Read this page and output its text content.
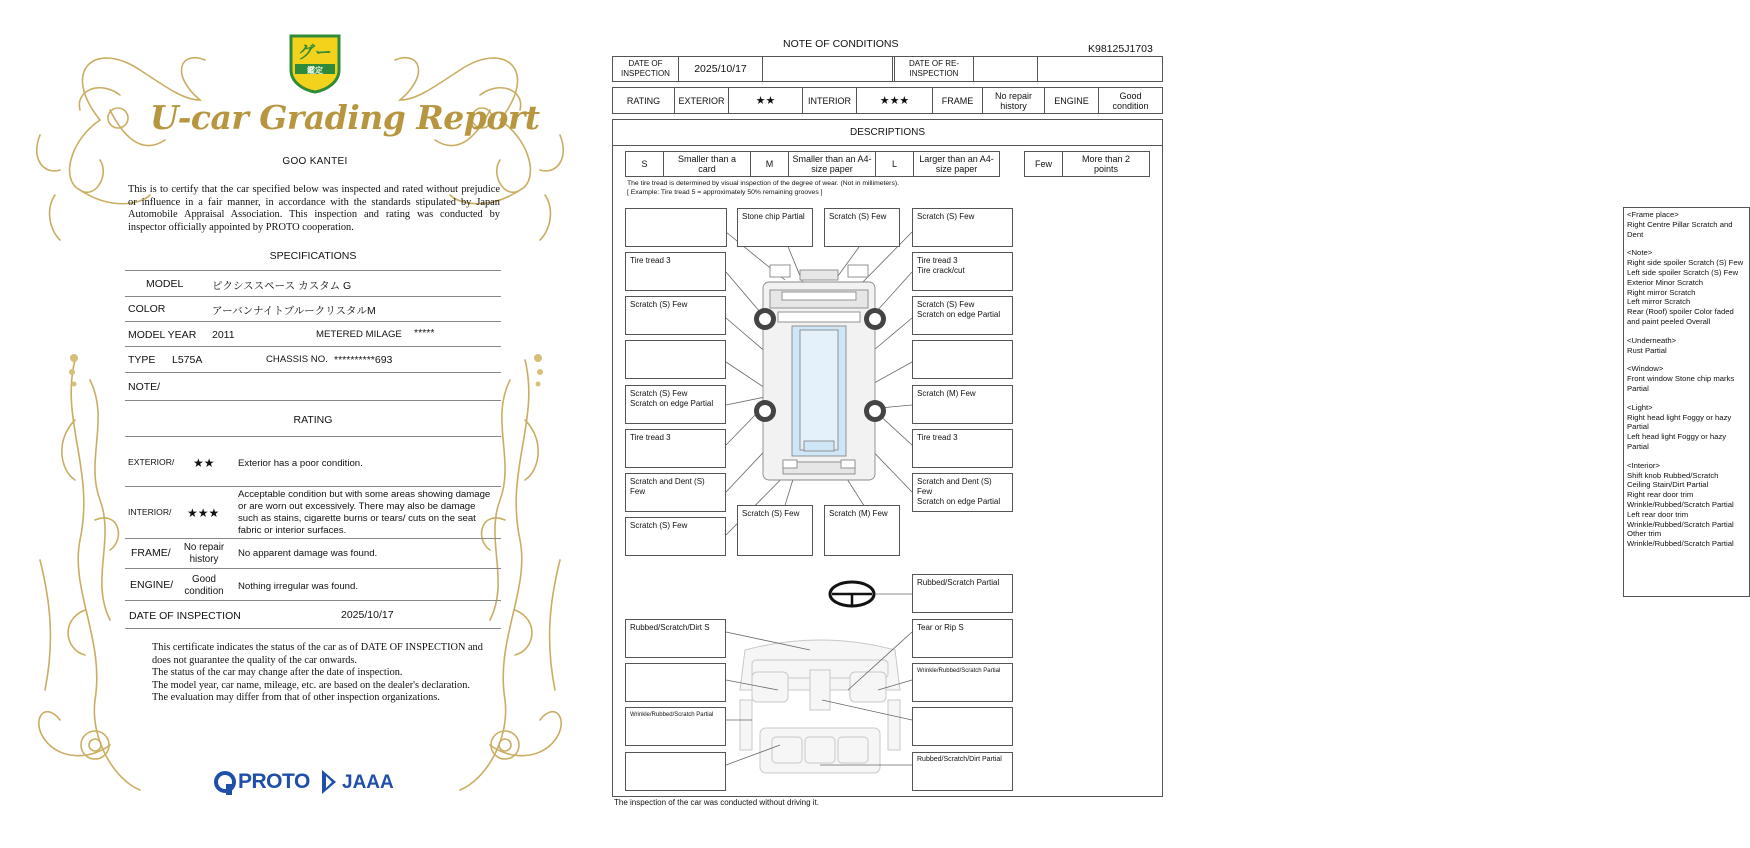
グー
鑑定
U-car Grading Report
GOO KANTEI
This is to certify that the car specified below was inspected and rated without prejudice or influence in a fair manner, in accordance with the standards stipulated by Japan Automobile Appraisal Association. This inspection and rating was conducted by inspector officially appointed by PROTO cooperation.
SPECIFICATIONS
MODEL	ピクシススペース カスタム G
COLOR	アーバンナイトブルークリスタルM
MODEL YEAR 2011	METERED MILAGE *****
TYPE L575A	CHASSIS NO. **********693
NOTE/
RATING
EXTERIOR/ ★★ Exterior has a poor condition.
INTERIOR/ ★★★
Acceptable condition but with some areas showing damage or are worn out excessively. There may also be damage such as stains, cigarette burns or tears/ cuts on the seat fabric or interior surfaces.
FRAME/	No repair history
No apparent damage was found.
ENGINE/	Good condition	Nothing irregular was found.
DATE OF INSPECTION	2025/10/17
This certificate indicates the status of the car as of DATE OF INSPECTION and does not guarantee the quality of the car onwards.
The status of the car may change after the date of inspection.
The model year, car name, mileage, etc. are based on the dealer's declaration.
The evaluation may differ from that of other inspection organizations.
PROTO JAAA
NOTE OF CONDITIONS	K98125J1703
DATE OF INSPECTION	2025/10/17	DATE OF RE-INSPECTION
RATING	EXTERIOR	★★	INTERIOR	★★★	FRAME	No repair history	ENGINE	Good condition
DESCRIPTIONS
S	Smaller than a card	M	Smaller than an A4-size paper	L	Larger than an A4-size paper	Few	More than 2 points
The tire tread is determined by visual inspection of the degree of wear. (Not in millimeters).
[ Example: Tire tread 5 = approximately 50% remaining grooves ]
Stone chip Partial	Scratch (S) Few	Scratch (S) Few
Tire tread 3	Tire tread 3
Tire crack/cut
Scratch (S) Few	Scratch (S) Few
Scratch on edge Partial
Scratch (S) Few
Scratch on edge Partial
Scratch (M) Few
Tire tread 3	Tire tread 3
Scratch and Dent (S) Few
Scratch and Dent (S) Few
Scratch on edge Partial
Scratch (S) Few
Scratch (S) Few	Scratch (M) Few
Rubbed/Scratch Partial
Rubbed/Scratch/Dirt S	Tear or Rip S
Wrinkle/Rubbed/Scratch Partial
Wrinkle/Rubbed/Scratch Partial
Rubbed/Scratch/Dirt Partial

<Frame place>
Right Centre Pillar Scratch and Dent

<Note>
Right side spoiler Scratch (S) Few
Left side spoiler Scratch (S) Few
Exterior Minor Scratch
Right mirror Scratch
Left mirror Scratch
Rear (Roof) spoiler Color faded and paint peeled Overall

<Underneath>
Rust Partial

<Window>
Front window Stone chip marks Partial

<Light>
Right head light Foggy or hazy Partial
Left head light Foggy or hazy Partial

<Interior>
Shift knob Rubbed/Scratch
Ceiling Stain/Dirt Partial
Right rear door trim Wrinkle/Rubbed/Scratch Partial
Left rear door trim Wrinkle/Rubbed/Scratch Partial
Other trim Wrinkle/Rubbed/Scratch Partial

The inspection of the car was conducted without driving it.
